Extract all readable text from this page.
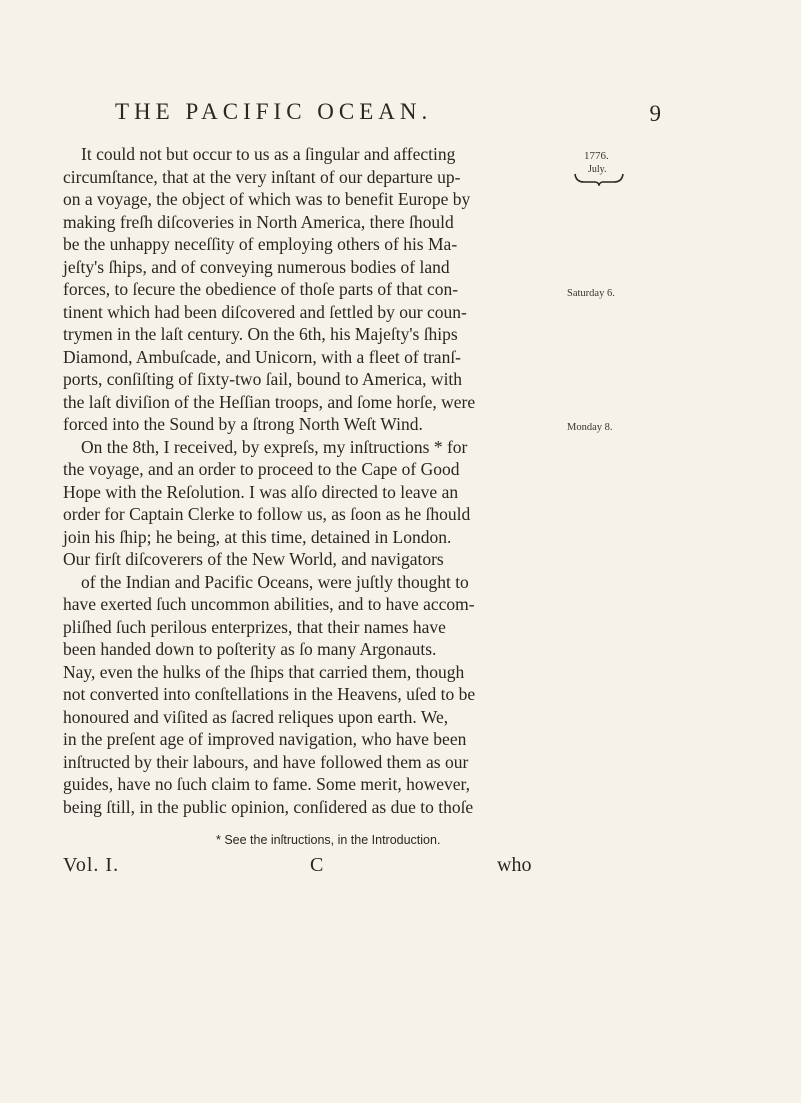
THE PACIFIC OCEAN.	9
It could not but occur to us as a ſingular and affecting
circumſtance, that at the very inſtant of our departure up-
on a voyage, the object of which was to benefit Europe by
making freſh diſcoveries in North America, there ſhould
be the unhappy neceſſity of employing others of his Ma-
jeſty's ſhips, and of conveying numerous bodies of land
forces, to ſecure the obedience of thoſe parts of that con-
tinent which had been diſcovered and ſettled by our coun-
trymen in the laſt century. On the 6th, his Majeſty's ſhips
Diamond, Ambuſcade, and Unicorn, with a fleet of tranſ-
ports, conſiſting of ſixty-two ſail, bound to America, with
the laſt diviſion of the Heſſian troops, and ſome horſe, were
forced into the Sound by a ſtrong North Weſt Wind.
On the 8th, I received, by expreſs, my inſtructions * for
the voyage, and an order to proceed to the Cape of Good
Hope with the Reſolution. I was alſo directed to leave an
order for Captain Clerke to follow us, as ſoon as he ſhould
join his ſhip; he being, at this time, detained in London.
Our firſt diſcoverers of the New World, and navigators
of the Indian and Pacific Oceans, were juſtly thought to
have exerted ſuch uncommon abilities, and to have accom-
pliſhed ſuch perilous enterprizes, that their names have
been handed down to poſterity as ſo many Argonauts.
Nay, even the hulks of the ſhips that carried them, though
not converted into conſtellations in the Heavens, uſed to be
honoured and viſited as ſacred reliques upon earth. We,
in the preſent age of improved navigation, who have been
inſtructed by their labours, and have followed them as our
guides, have no ſuch claim to fame. Some merit, however,
being ſtill, in the public opinion, conſidered as due to thoſe
1776.
July.
Saturday 6.
Monday 8.
* See the inſtructions, in the Introduction.
Vol. I.	C	who
